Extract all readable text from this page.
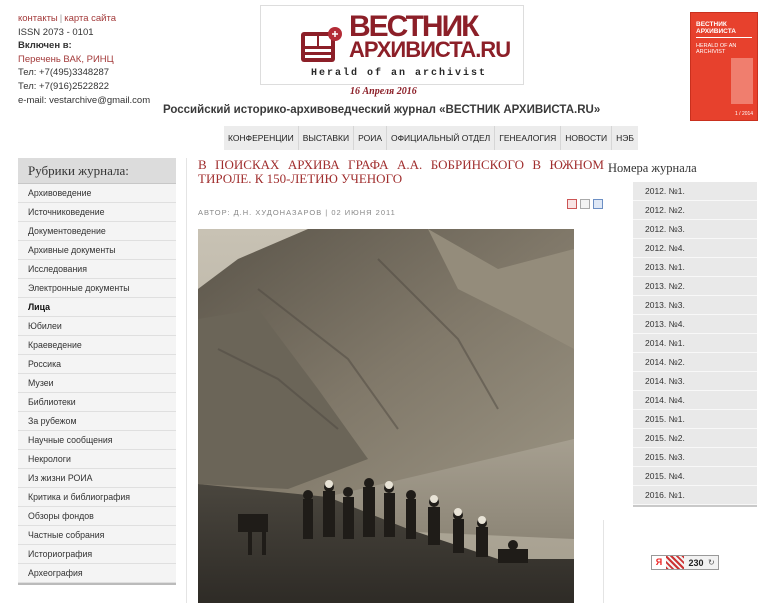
контакты | карта сайта
ISSN 2073 - 0101
Включен в:
Перечень ВАК, РИНЦ
Тел: +7(495)3348287
Тел: +7(916)2522822
e-mail: vestarchive@gmail.com
ВЕСТНИК
АРХИВИСТА.RU
Herald of an archivist
16 Апреля 2016
Российский историко-архивоведческий журнал «ВЕСТНИК АРХИВИСТА.RU»
ВЕСТНИК АРХИВИСТА
HERALD OF AN ARCHIVIST
1 / 2014
КОНФЕРЕНЦИИ	ВЫСТАВКИ	РОИА	ОФИЦИАЛЬНЫЙ ОТДЕЛ	ГЕНЕАЛОГИЯ	НОВОСТИ	НЭБ
Рубрики журнала:
Архивоведение
Источниковедение
Документоведение
Архивные документы
Исследования
Электронные документы
Лица
Юбилеи
Краеведение
Россика
Музеи
Библиотеки
За рубежом
Научные сообщения
Некрологи
Из жизни РОИА
Критика и библиография
Обзоры фондов
Частные собрания
Историография
Археография
В ПОИСКАХ АРХИВА ГРАФА А.А. БОБРИНСКОГО В ЮЖНОМ ТИРОЛЕ. К 150-ЛЕТИЮ УЧЕНОГО
АВТОР: Д.Н. ХУДОНАЗАРОВ | 02 ИЮНЯ 2011
Номера журнала
2012. №1.
2012. №2.
2012. №3.
2012. №4.
2013. №1.
2013. №2.
2013. №3.
2013. №4.
2014. №1.
2014. №2.
2014. №3.
2014. №4.
2015. №1.
2015. №2.
2015. №3.
2015. №4.
2016. №1.
Я	230 ↻
